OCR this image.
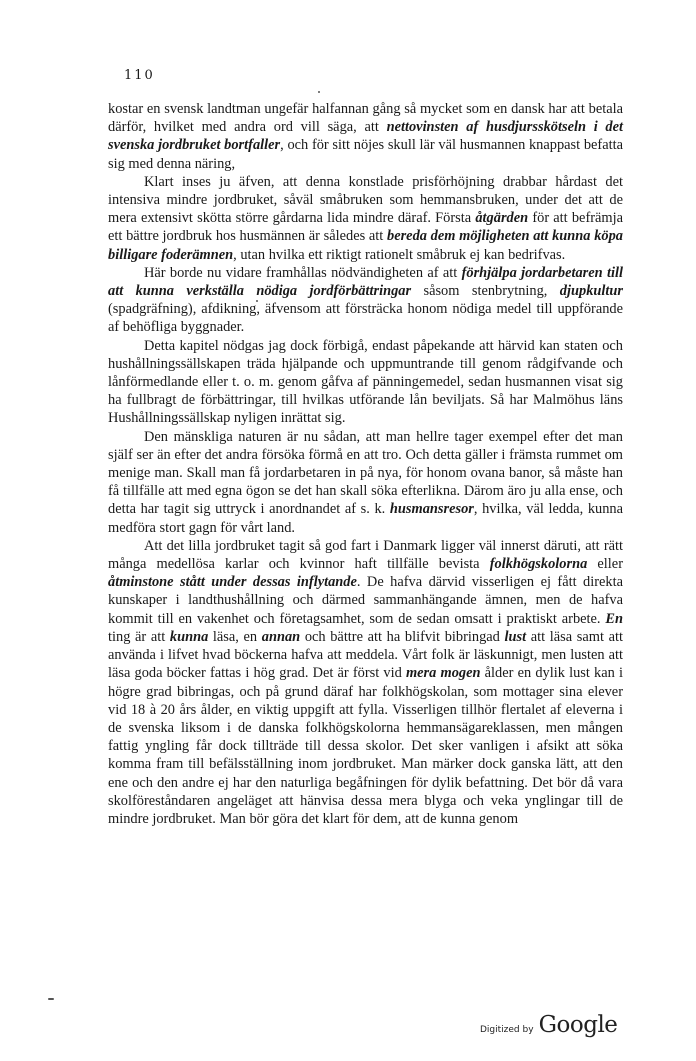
110

kostar en svensk landtman ungefär halfannan gång så mycket som en dansk har att betala därför, hvilket med andra ord vill säga, att nettovinsten af husdjursskötseln i det svenska jordbruket bortfaller, och för sitt nöjes skull lär väl husmannen knappast befatta sig med denna näring,

Klart inses ju äfven, att denna konstlade prisförhöjning drabbar hårdast det intensiva mindre jordbruket, såväl småbruken som hemmansbruken, under det att de mera extensivt skötta större gårdarna lida mindre däraf. Första åtgärden för att befrämja ett bättre jordbruk hos husmännen är således att bereda dem möjligheten att kunna köpa billigare foderämnen, utan hvilka ett riktigt rationelt småbruk ej kan bedrifvas.

Här borde nu vidare framhållas nödvändigheten af att förhjälpa jordarbetaren till att kunna verkställa nödiga jordförbättringar såsom stenbrytning, djupkultur (spadgräfning), afdikning, äfvensom att försträcka honom nödiga medel till uppförande af behöfliga byggnader.

Detta kapitel nödgas jag dock förbigå, endast påpekande att härvid kan staten och hushållningssällskapen träda hjälpande och uppmuntrande till genom rådgifvande och lånförmedlande eller t. o. m. genom gåfva af pänningemedel, sedan husmannen visat sig ha fullbragt de förbättringar, till hvilkas utförande lån beviljats. Så har Malmöhus läns Hushållningssällskap nyligen inrättat sig.

Den mänskliga naturen är nu sådan, att man hellre tager exempel efter det man själf ser än efter det andra försöka förmå en att tro. Och detta gäller i främsta rummet om menige man. Skall man få jordarbetaren in på nya, för honom ovana banor, så måste han få tillfälle att med egna ögon se det han skall söka efterlikna. Därom äro ju alla ense, och detta har tagit sig uttryck i anordnandet af s. k. husmansresor, hvilka, väl ledda, kunna medföra stort gagn för vårt land.

Att det lilla jordbruket tagit så god fart i Danmark ligger väl innerst däruti, att rätt många medellösa karlar och kvinnor haft tillfälle bevista folkhögskolorna eller åtminstone stått under dessas inflytande. De hafva därvid visserligen ej fått direkta kunskaper i landthushållning och därmed sammanhängande ämnen, men de hafva kommit till en vakenhet och företagsamhet, som de sedan omsatt i praktiskt arbete. En ting är att kunna läsa, en annan och bättre att ha blifvit bibringad lust att läsa samt att använda i lifvet hvad böckerna hafva att meddela. Vårt folk är läskunnigt, men lusten att läsa goda böcker fattas i hög grad. Det är först vid mera mogen ålder en dylik lust kan i högre grad bibringas, och på grund däraf har folkhögskolan, som mottager sina elever vid 18 à 20 års ålder, en viktig uppgift att fylla. Visserligen tillhör flertalet af eleverna i de svenska liksom i de danska folkhögskolorna hemmansägareklassen, men mången fattig yngling får dock tillträde till dessa skolor. Det sker vanligen i afsikt att söka komma fram till befälsställning inom jordbruket. Man märker dock ganska lätt, att den ene och den andre ej har den naturliga begåfningen för dylik befattning. Det bör då vara skolföreståndaren angeläget att hänvisa dessa mera blyga och veka ynglingar till de mindre jordbruket. Man bör göra det klart för dem, att de kunna genom

Digitized by Google
